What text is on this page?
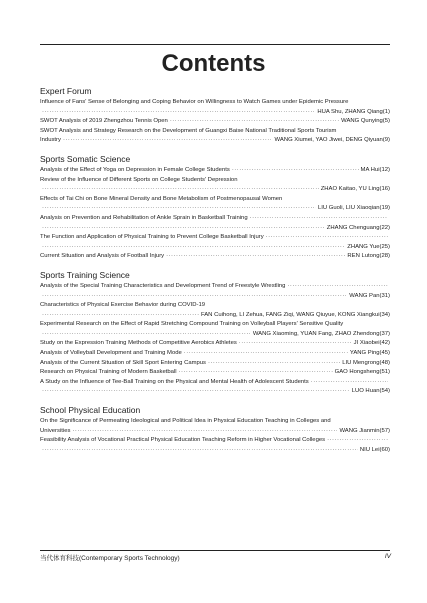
Contents
Expert Forum
Influence of Fans' Sense of Belonging and Coping Behavior on Willingness to Watch Games under Epidemic Pressure
·····
HUA Shu, ZHANG Qiang(1)
SWOT Analysis of 2019 Zhengzhou Tennis Open ·····	WANG Qunying(5)
SWOT Analysis and Strategy Research on the Development of Guangxi Baise National Traditional Sports Tourism
Industry ·····	WANG Xiumei, YAO Jiwei, DENG Qiyuan(9)
Sports Somatic Science
Analysis of the Effect of Yoga on Depression in Female College Students ·····	MA Hui(12)
Review of the Influence of Different Sports on College Students' Depression
·····
ZHAO Kaitao, YU Ling(16)
Effects of Tai Chi on Bone Mineral Density and Bone Metabolism of Postmenopausal Women
·····
LIU Guoli, LIU Xiaoqian(19)
Analysis on Prevention and Rehabilitation of Ankle Sprain in Basketball Training
·····
·····
ZHANG Chenguang(22)
The Function and Application of Physical Training to Prevent College Basketball Injury
·····
·····
ZHANG Yue(25)
Current Situation and Analysis of Football Injury ·····	REN Lutong(28)
Sports Training Science
Analysis of the Special Training Characteristics and Development Trend of Freestyle Wrestling
·····
·····
WANG Pan(31)
Characteristics of Physical Exercise Behavior during COVID-19
·····
FAN Cuihong, LI Zehua, FANG Ziqi, WANG Qiuyue, KONG Xiangkui(34)
Experimental Research on the Effect of Rapid Stretching Compound Training on Volleyball Players' Sensitive Quality
·····
WANG Xiaoming, YUAN Fang, ZHAO Zhendong(37)
Study on the Expression Training Methods of Competitive Aerobics Athletes ·····	JI Xiaobei(42)
Analysis of Volleyball Development and Training Mode ·····	YANG Ping(45)
Analysis of the Current Situation of Skill Sport Entering Campus ·····	LIU Mengrong(48)
Research on Physical Training of Modern Basketball ·····	GAO Hongsheng(51)
A Study on the Influence of Tee-Ball Training on the Physical and Mental Health of Adolescent Students
·····
·····
LUO Huan(54)
School Physical Education
On the Significance of Permeating Ideological and Political Idea in Physical Education Teaching in Colleges and
Universities ·····	WANG Jianmin(57)
Feasibility Analysis of Vocational Practical Physical Education Teaching Reform in Higher Vocational Colleges
·····
·····
NIU Lei(60)
当代体育科技(Contemporary Sports Technology)	IV
